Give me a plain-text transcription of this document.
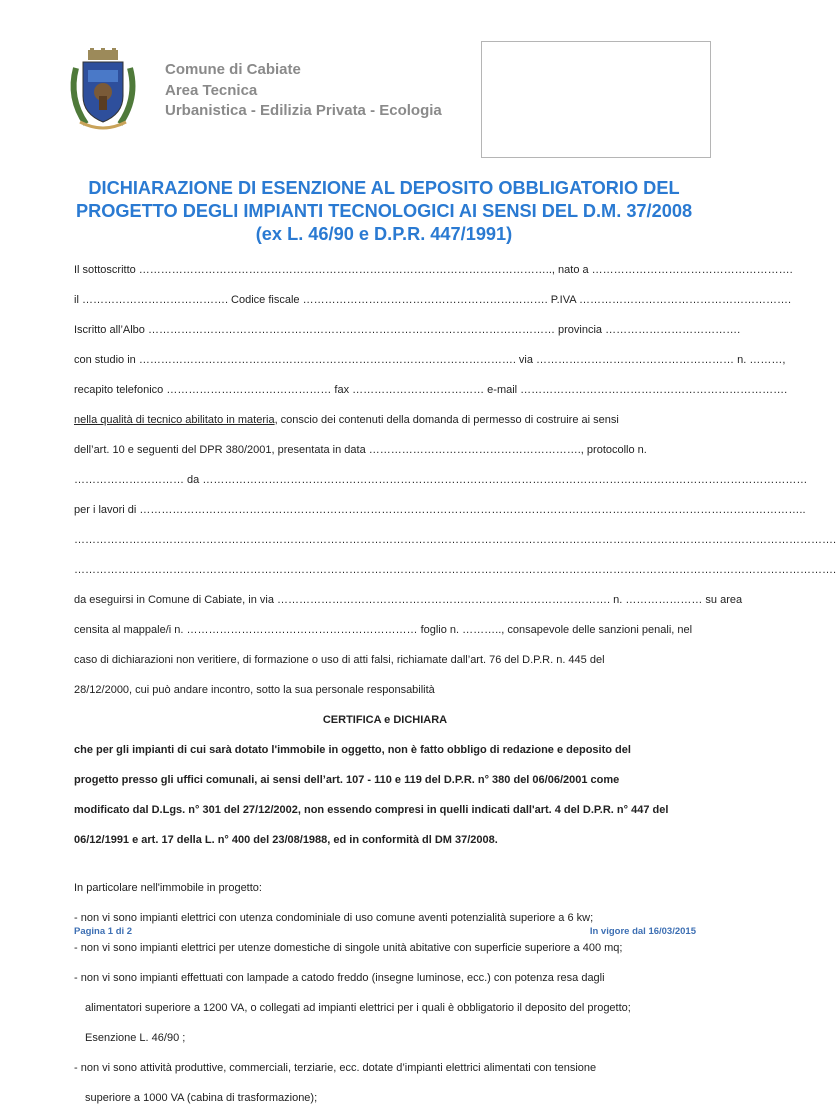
Comune di Cabiate
Area Tecnica
Urbanistica - Edilizia Privata - Ecologia
DICHIARAZIONE DI ESENZIONE AL DEPOSITO OBBLIGATORIO DEL
PROGETTO DEGLI IMPIANTI TECNOLOGICI AI SENSI DEL D.M. 37/2008
(ex L. 46/90 e D.P.R. 447/1991)
Il sottoscritto ………………………………………………………………………………………………….., nato a ……………………………………………….
il …………………………………. Codice fiscale …………………………………………………………. P.IVA ………………………………………………….
Iscritto all’Albo ………………………………………………………………………………………………… provincia ……………………………….
con studio in …………………………………………………………………………………………. via ……………………………………………… n. ………,
recapito telefonico ……………………………………… fax ……………………………… e-mail ……………………………………………………………….
nella qualità di tecnico abilitato in materia, conscio dei contenuti della domanda di permesso di costruire ai sensi
dell’art. 10 e seguenti del DPR 380/2001, presentata in data …………………………………………………., protocollo n.
………………………… da …………………………………………………………………………………………………………………………………………………
per i lavori di ………………………………………………………………………………………………………………………………………………………………..
……………………………………………………………………………………………………………………………………………………………………………………….
……………………………………………………………………………………………………………………………………………………………………………………….
da eseguirsi in Comune di Cabiate, in via ………………………………………………………………………………. n. ………………… su area
censita al mappale/i n. ……………………………………………………… foglio n. ……….., consapevole delle sanzioni penali, nel
caso di dichiarazioni non veritiere, di formazione o uso di atti falsi, richiamate dall’art. 76 del D.P.R. n. 445 del
28/12/2000, cui può andare incontro, sotto la sua personale responsabilità
CERTIFICA e DICHIARA
che per gli impianti di cui sarà dotato l'immobile in oggetto, non è fatto obbligo di redazione e deposito del
progetto presso gli uffici comunali, ai sensi dell’art. 107 - 110 e 119 del D.P.R. n° 380 del 06/06/2001 come
modificato dal D.Lgs. n° 301 del 27/12/2002, non essendo compresi in quelli indicati dall'art. 4 del D.P.R. n° 447 del
06/12/1991 e art. 17 della L. n° 400 del 23/08/1988, ed in conformità dl DM 37/2008.
In particolare nell'immobile in progetto:
- non vi sono impianti elettrici con utenza condominiale di uso comune aventi potenzialità superiore a 6 kw;
- non vi sono impianti elettrici per utenze domestiche di singole unità abitative con superficie superiore a 400 mq;
- non vi sono impianti effettuati con lampade a catodo freddo (insegne luminose, ecc.) con potenza resa dagli
alimentatori superiore a 1200 VA, o collegati ad impianti elettrici per i quali è obbligatorio il deposito del progetto;
Esenzione L. 46/90 ;
- non vi sono attività produttive, commerciali, terziarie, ecc. dotate d’impianti elettrici alimentati con tensione
superiore a 1000 VA (cabina di trasformazione);
Pagina 1 di 2	In vigore dal 16/03/2015
